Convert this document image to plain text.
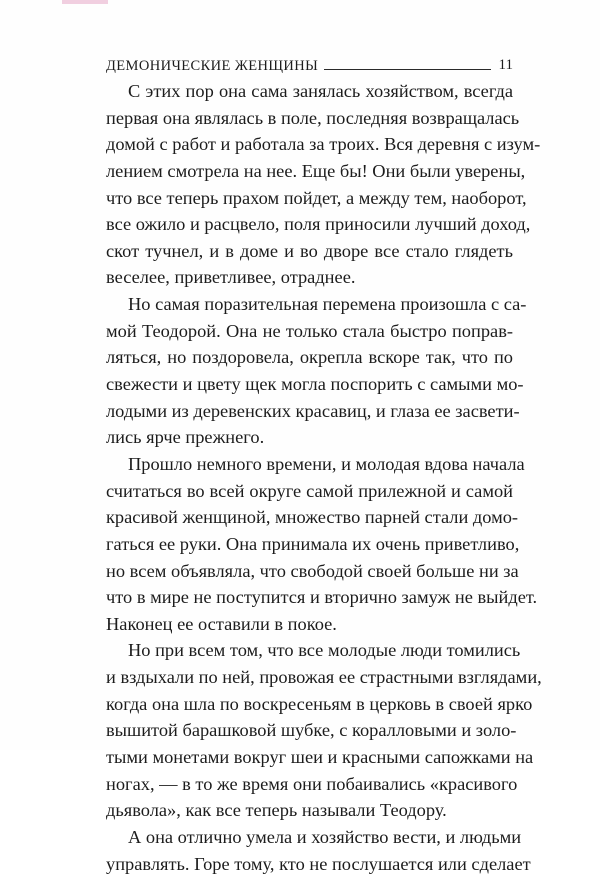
ДЕМОНИЧЕСКИЕ ЖЕНЩИНЫ	11
С этих пор она сама занялась хозяйством, всегда
первая она являлась в поле, последняя возвращалась
домой с работ и работала за троих. Вся деревня с изум-
лением смотрела на нее. Еще бы! Они были уверены,
что все теперь прахом пойдет, а между тем, наоборот,
все ожило и расцвело, поля приносили лучший доход,
скот тучнел, и в доме и во дворе все стало глядеть
веселее, приветливее, отраднее.
Но самая поразительная перемена произошла с са-
мой Теодорой. Она не только стала быстро поправ-
ляться, но поздоровела, окрепла вскоре так, что по
свежести и цвету щек могла поспорить с самыми мо-
лодыми из деревенских красавиц, и глаза ее засвети-
лись ярче прежнего.
Прошло немного времени, и молодая вдова начала
считаться во всей округе самой прилежной и самой
красивой женщиной, множество парней стали домо-
гаться ее руки. Она принимала их очень приветливо,
но всем объявляла, что свободой своей больше ни за
что в мире не поступится и вторично замуж не выйдет.
Наконец ее оставили в покое.
Но при всем том, что все молодые люди томились
и вздыхали по ней, провожая ее страстными взглядами,
когда она шла по воскресеньям в церковь в своей ярко
вышитой барашковой шубке, с коралловыми и золо-
тыми монетами вокруг шеи и красными сапожками на
ногах, — в то же время они побаивались «красивого
дьявола», как все теперь называли Теодору.
А она отлично умела и хозяйство вести, и людьми
управлять. Горе тому, кто не послушается или сделает
